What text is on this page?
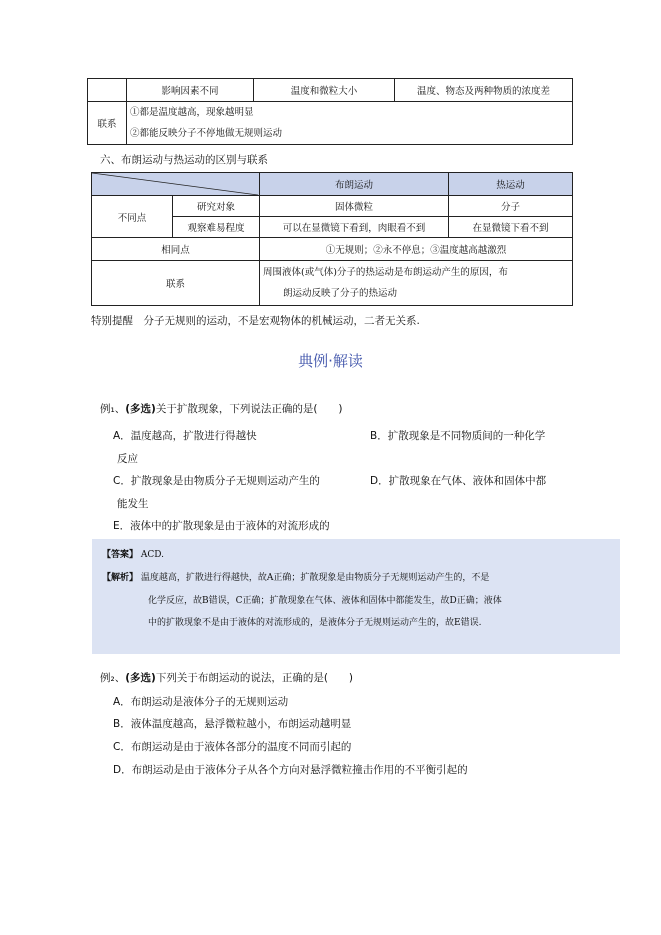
	影响因素不同	温度和微粒大小	温度、物态及两种物质的浓度差
联系	①都是温度越高，现象越明显
②都能反映分子不停地做无规则运动		
六、布朗运动与热运动的区别与联系
	布朗运动	热运动
不同点	研究对象	固体微粒	分子
	观察难易程度	可以在显微镜下看到，肉眼看不到	在显微镜下看不到
相同点		①无规则；②永不停息；③温度越高越激烈	
联系		周围液体(或气体)分子的热运动是布朗运动产生的原因，布
朗运动反映了分子的热运动	
特别提醒　分子无规则的运动，不是宏观物体的机械运动，二者无关系.
典例·解读
例₁、(多选)关于扩散现象，下列说法正确的是(　　)
A．温度越高，扩散进行得越快	B．扩散现象是不同物质间的一种化学
反应
C．扩散现象是由物质分子无规则运动产生的	D．扩散现象在气体、液体和固体中都
能发生
E．液体中的扩散现象是由于液体的对流形成的
【答案】 ACD.
【解析】 温度越高，扩散进行得越快，故A正确；扩散现象是由物质分子无规则运动产生的，不是
化学反应，故B错误，C正确；扩散现象在气体、液体和固体中都能发生，故D正确；液体
中的扩散现象不是由于液体的对流形成的，是液体分子无规则运动产生的，故E错误.
例₂、(多选)下列关于布朗运动的说法，正确的是(　　)
A．布朗运动是液体分子的无规则运动
B．液体温度越高，悬浮微粒越小，布朗运动越明显
C．布朗运动是由于液体各部分的温度不同而引起的
D．布朗运动是由于液体分子从各个方向对悬浮微粒撞击作用的不平衡引起的
